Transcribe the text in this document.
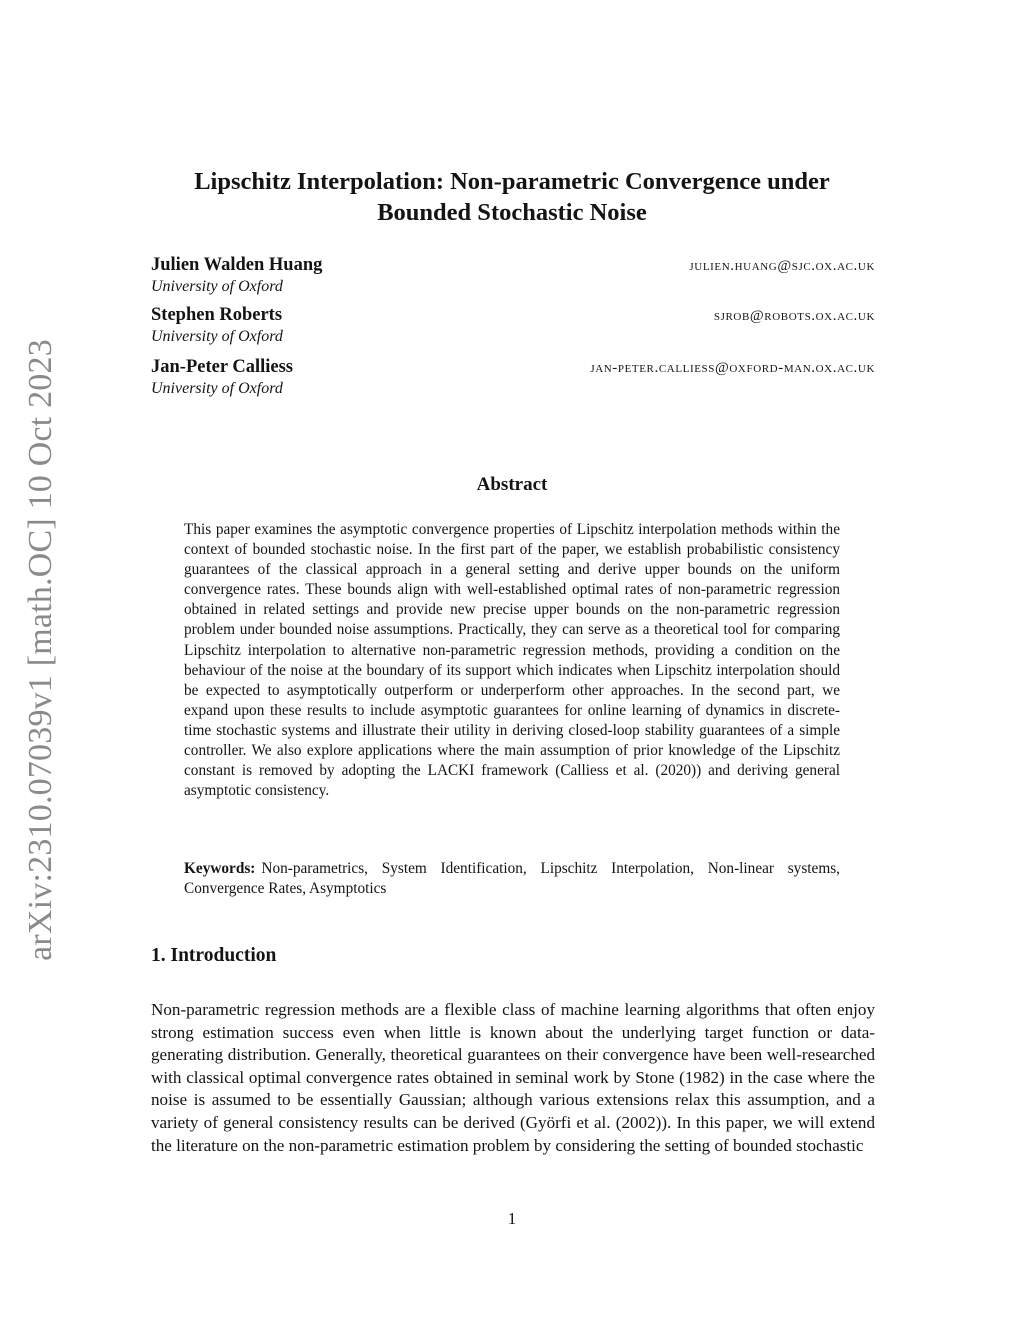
arXiv:2310.07039v1 [math.OC] 10 Oct 2023
Lipschitz Interpolation: Non-parametric Convergence under
Bounded Stochastic Noise
Julien Walden Huang	julien.huang@sjc.ox.ac.uk
University of Oxford
Stephen Roberts	sjrob@robots.ox.ac.uk
University of Oxford
Jan-Peter Calliess	jan-peter.calliess@oxford-man.ox.ac.uk
University of Oxford
Abstract

This paper examines the asymptotic convergence properties of Lipschitz interpolation methods within the context of bounded stochastic noise. In the first part of the paper, we establish probabilistic consistency guarantees of the classical approach in a general setting and derive upper bounds on the uniform convergence rates. These bounds align with well-established optimal rates of non-parametric regression obtained in related settings and provide new precise upper bounds on the non-parametric regression problem under bounded noise assumptions. Practically, they can serve as a theoretical tool for comparing Lipschitz interpolation to alternative non-parametric regression methods, providing a condition on the behaviour of the noise at the boundary of its support which indicates when Lipschitz interpolation should be expected to asymptotically outperform or underperform other approaches. In the second part, we expand upon these results to include asymptotic guarantees for online learning of dynamics in discrete-time stochastic systems and illustrate their utility in deriving closed-loop stability guarantees of a simple controller. We also explore applications where the main assumption of prior knowledge of the Lipschitz constant is removed by adopting the LACKI framework (Calliess et al. (2020)) and deriving general asymptotic consistency.

Keywords: Non-parametrics, System Identification, Lipschitz Interpolation, Non-linear systems, Convergence Rates, Asymptotics

1. Introduction

Non-parametric regression methods are a flexible class of machine learning algorithms that often enjoy strong estimation success even when little is known about the underlying target function or data-generating distribution. Generally, theoretical guarantees on their convergence have been well-researched with classical optimal convergence rates obtained in seminal work by Stone (1982) in the case where the noise is assumed to be essentially Gaussian; although various extensions relax this assumption, and a variety of general consistency results can be derived (Györfi et al. (2002)). In this paper, we will extend the literature on the non-parametric estimation problem by considering the setting of bounded stochastic

1
